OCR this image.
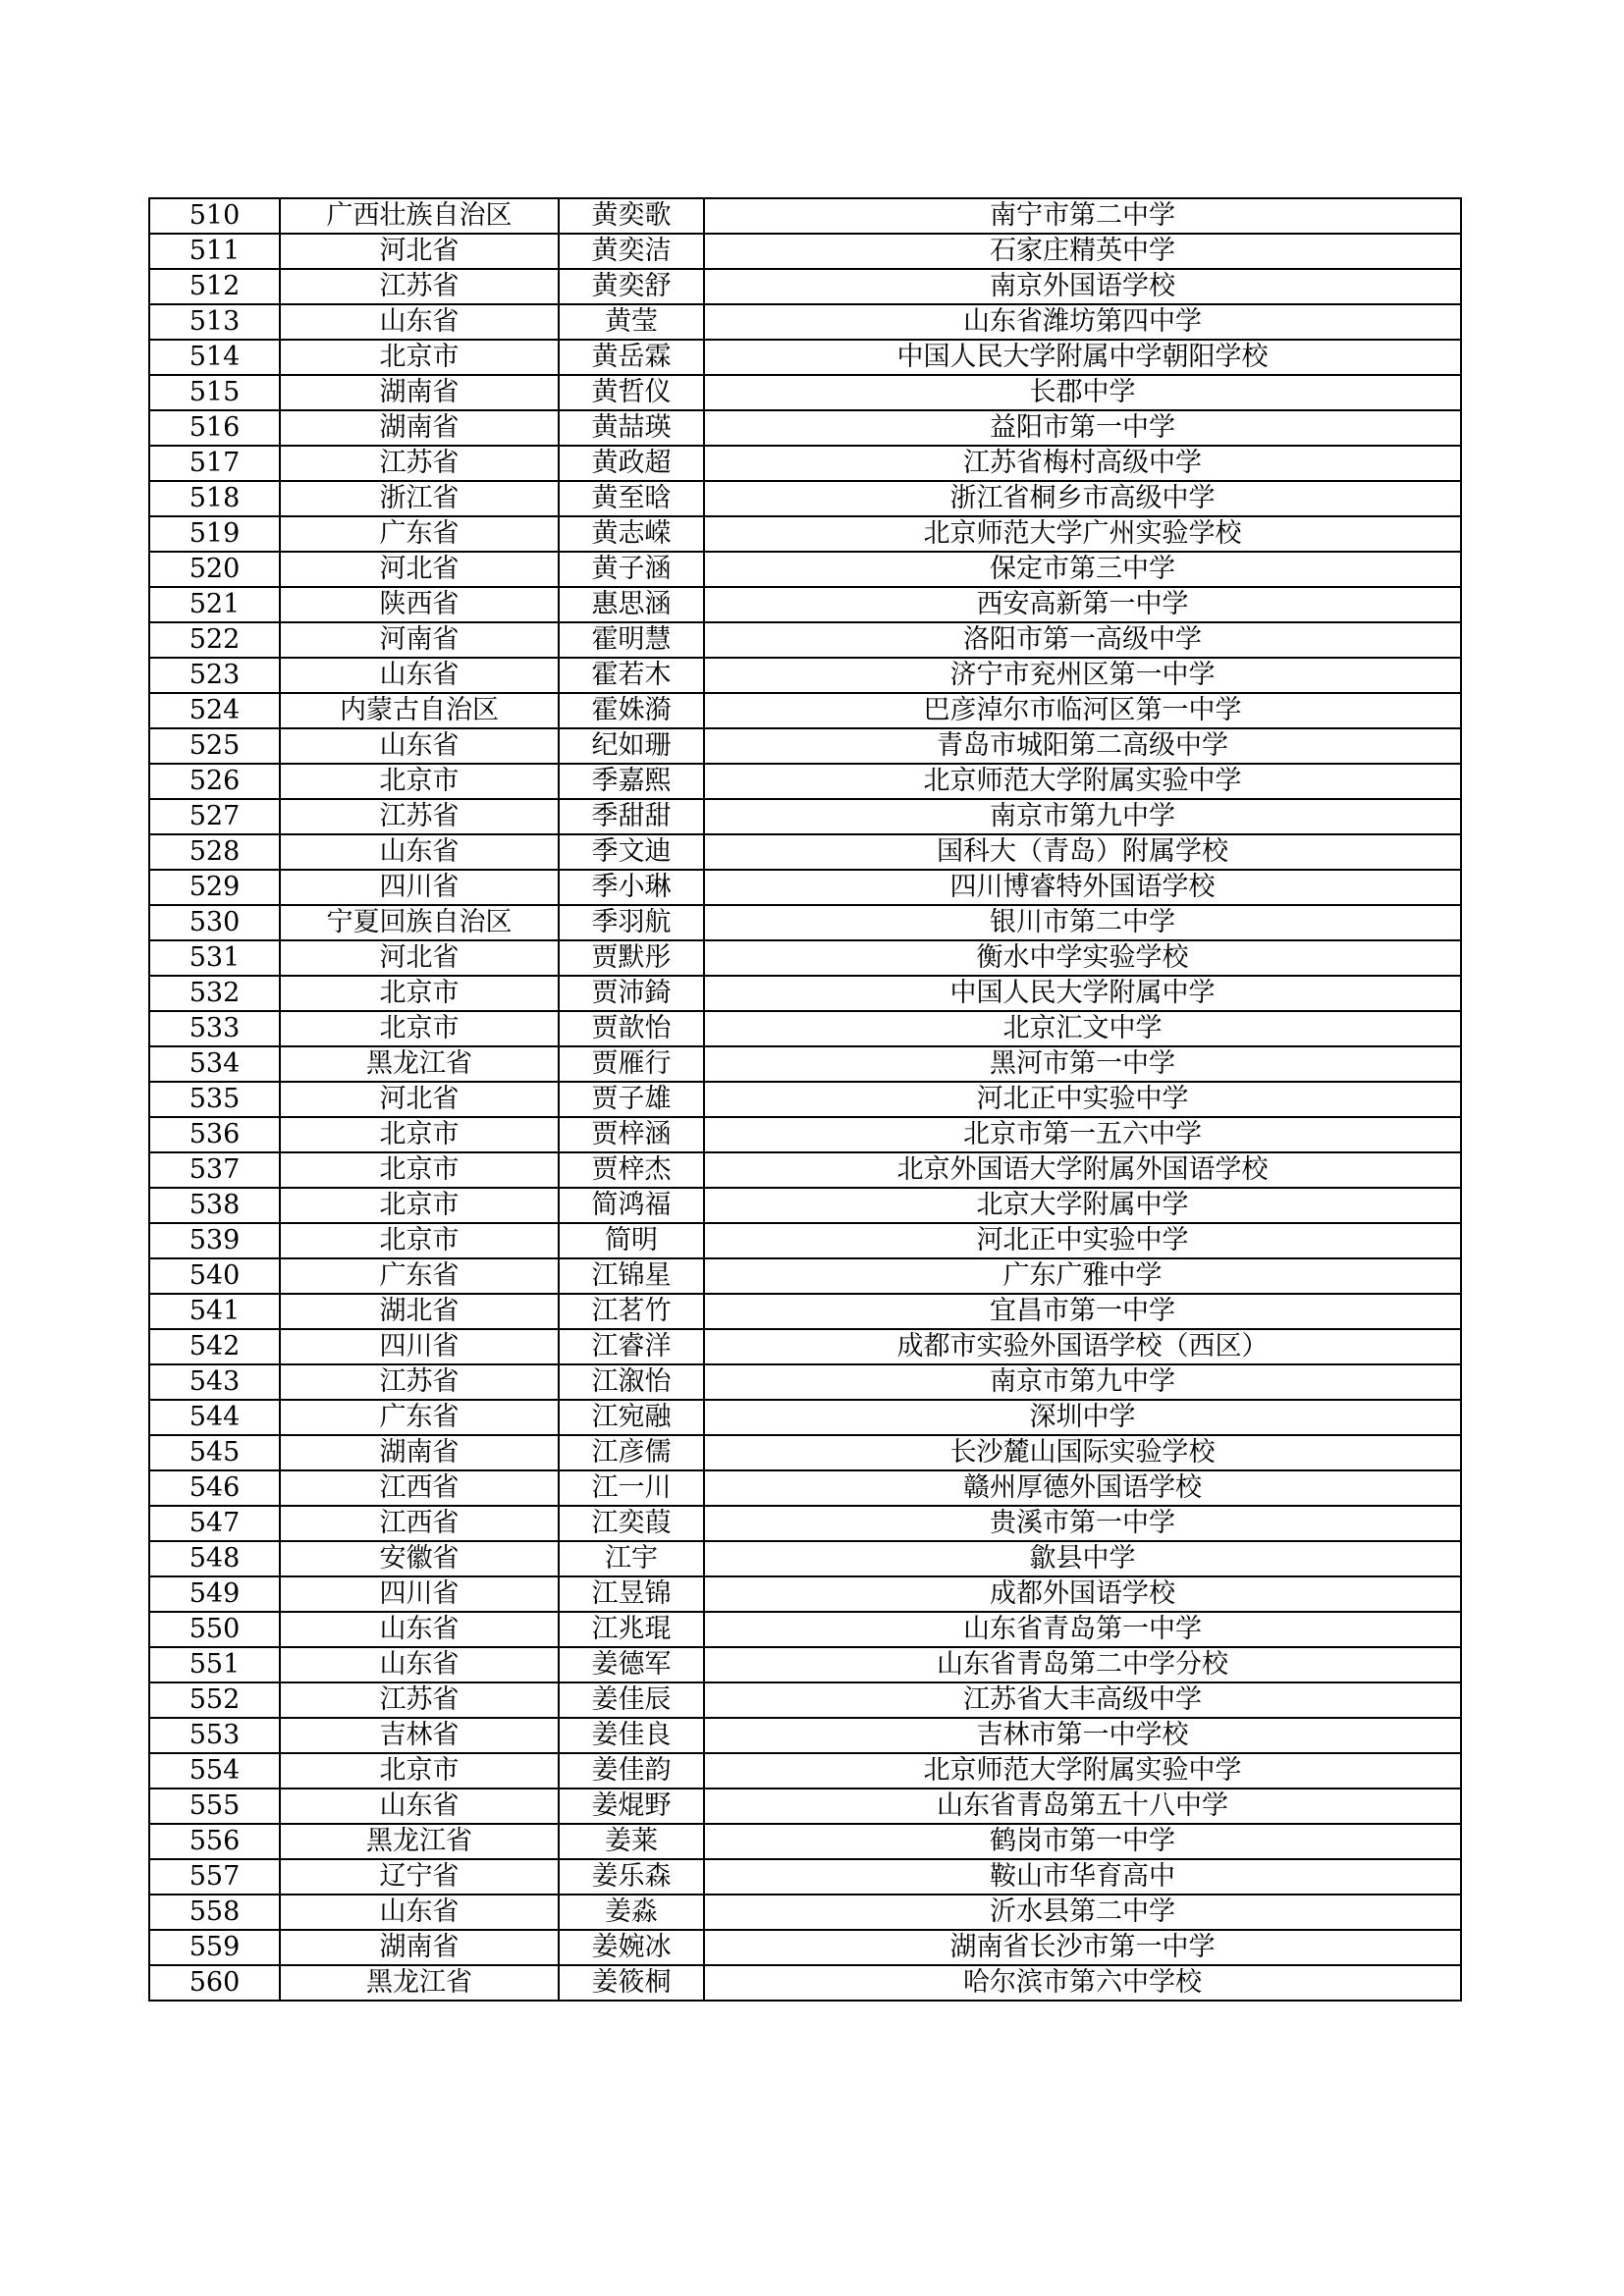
510	广西壮族自治区	黄奕歌	南宁市第二中学
511	河北省	黄奕洁	石家庄精英中学
512	江苏省	黄奕舒	南京外国语学校
513	山东省	黄莹	山东省潍坊第四中学
514	北京市	黄岳霖	中国人民大学附属中学朝阳学校
515	湖南省	黄哲仪	长郡中学
516	湖南省	黄喆瑛	益阳市第一中学
517	江苏省	黄政超	江苏省梅村高级中学
518	浙江省	黄至晗	浙江省桐乡市高级中学
519	广东省	黄志嵘	北京师范大学广州实验学校
520	河北省	黄子涵	保定市第三中学
521	陕西省	惠思涵	西安高新第一中学
522	河南省	霍明慧	洛阳市第一高级中学
523	山东省	霍若木	济宁市兖州区第一中学
524	内蒙古自治区	霍姝漪	巴彦淖尔市临河区第一中学
525	山东省	纪如珊	青岛市城阳第二高级中学
526	北京市	季嘉熙	北京师范大学附属实验中学
527	江苏省	季甜甜	南京市第九中学
528	山东省	季文迪	国科大（青岛）附属学校
529	四川省	季小琳	四川博睿特外国语学校
530	宁夏回族自治区	季羽航	银川市第二中学
531	河北省	贾默彤	衡水中学实验学校
532	北京市	贾沛錡	中国人民大学附属中学
533	北京市	贾歆怡	北京汇文中学
534	黑龙江省	贾雁行	黑河市第一中学
535	河北省	贾子雄	河北正中实验中学
536	北京市	贾梓涵	北京市第一五六中学
537	北京市	贾梓杰	北京外国语大学附属外国语学校
538	北京市	简鸿福	北京大学附属中学
539	北京市	简明	河北正中实验中学
540	广东省	江锦星	广东广雅中学
541	湖北省	江茗竹	宜昌市第一中学
542	四川省	江睿洋	成都市实验外国语学校（西区）
543	江苏省	江溆怡	南京市第九中学
544	广东省	江宛融	深圳中学
545	湖南省	江彦儒	长沙麓山国际实验学校
546	江西省	江一川	赣州厚德外国语学校
547	江西省	江奕葭	贵溪市第一中学
548	安徽省	江宇	歙县中学
549	四川省	江昱锦	成都外国语学校
550	山东省	江兆琨	山东省青岛第一中学
551	山东省	姜德军	山东省青岛第二中学分校
552	江苏省	姜佳辰	江苏省大丰高级中学
553	吉林省	姜佳良	吉林市第一中学校
554	北京市	姜佳韵	北京师范大学附属实验中学
555	山东省	姜焜野	山东省青岛第五十八中学
556	黑龙江省	姜莱	鹤岗市第一中学
557	辽宁省	姜乐森	鞍山市华育高中
558	山东省	姜淼	沂水县第二中学
559	湖南省	姜婉冰	湖南省长沙市第一中学
560	黑龙江省	姜筱桐	哈尔滨市第六中学校
